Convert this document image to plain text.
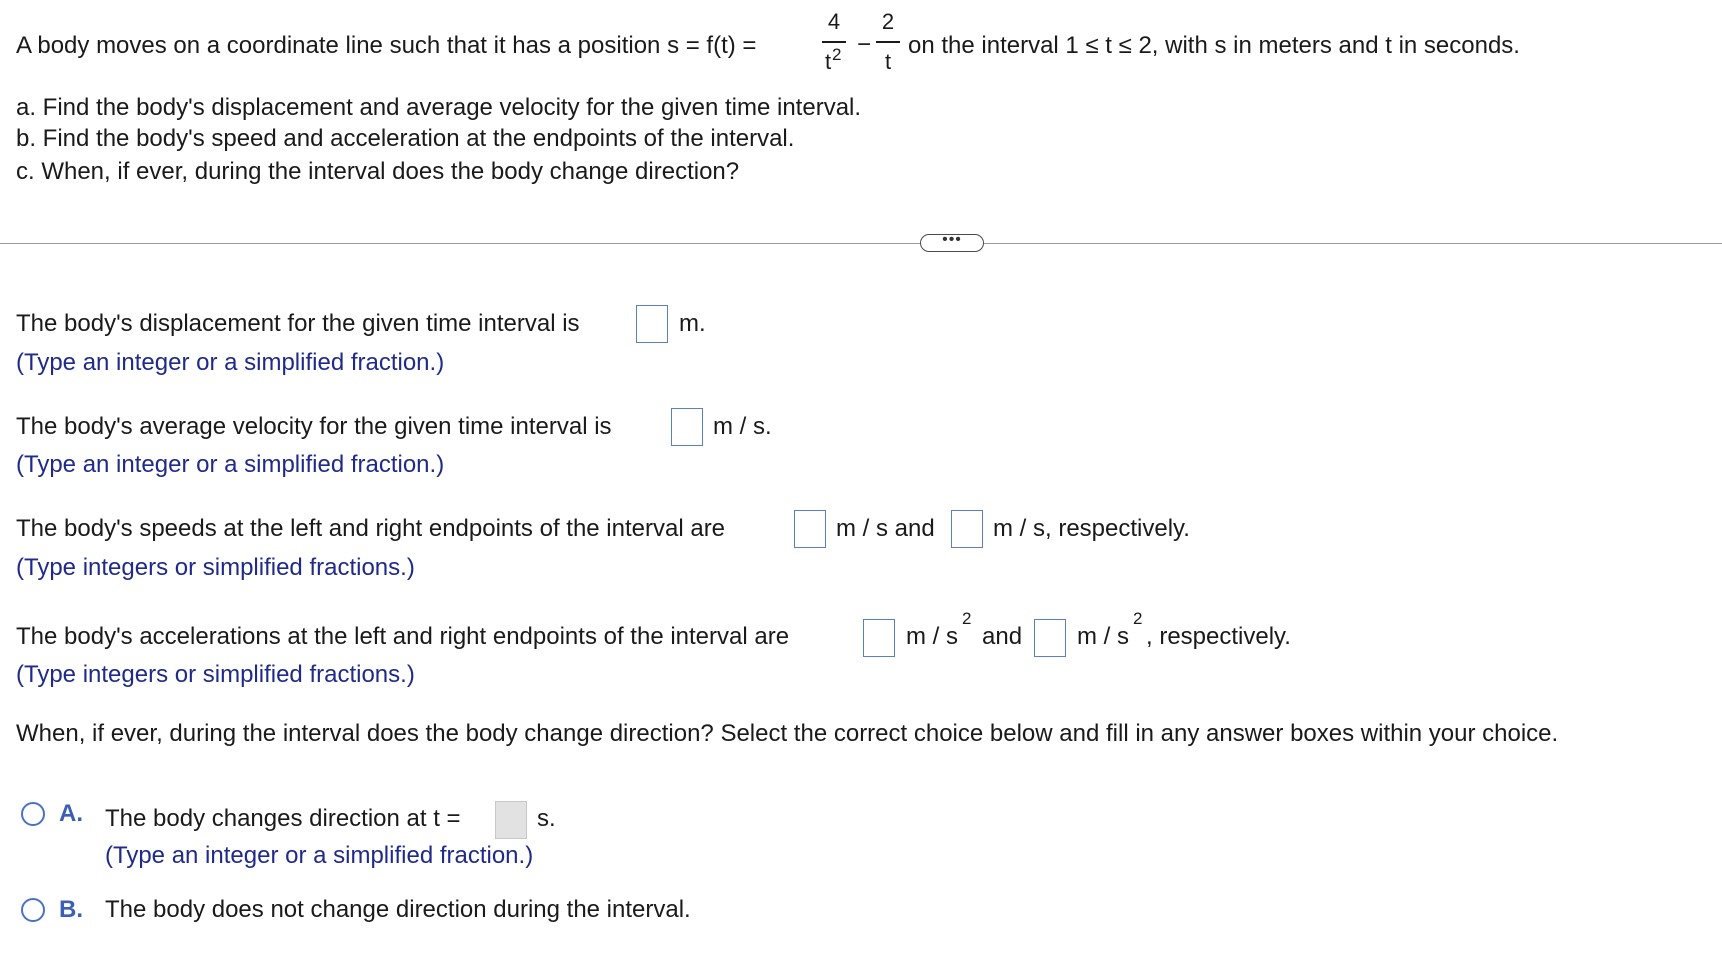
A body moves on a coordinate line such that it has a position s = f(t) =
4
t 2 −
2
t
on the interval 1 ≤ t ≤ 2, with s in meters and t in seconds.
a. Find the body's displacement and average velocity for the given time interval.
b. Find the body's speed and acceleration at the endpoints of the interval.
c. When, if ever, during the interval does the body change direction?
•••
The body's displacement for the given time interval is	m.
(Type an integer or a simplified fraction.)
The body's average velocity for the given time interval is	m / s.
(Type an integer or a simplified fraction.)
The body's speeds at the left and right endpoints of the interval are	m / s and m / s, respectively.
(Type integers or simplified fractions.)
The body's accelerations at the left and right endpoints of the interval are	m / s
2
and m / s
2
, respectively.
(Type integers or simplified fractions.)
When, if ever, during the interval does the body change direction? Select the correct choice below and fill in any answer boxes within your choice.
A. The body changes direction at t =	s.
(Type an integer or a simplified fraction.)
B. The body does not change direction during the interval.
